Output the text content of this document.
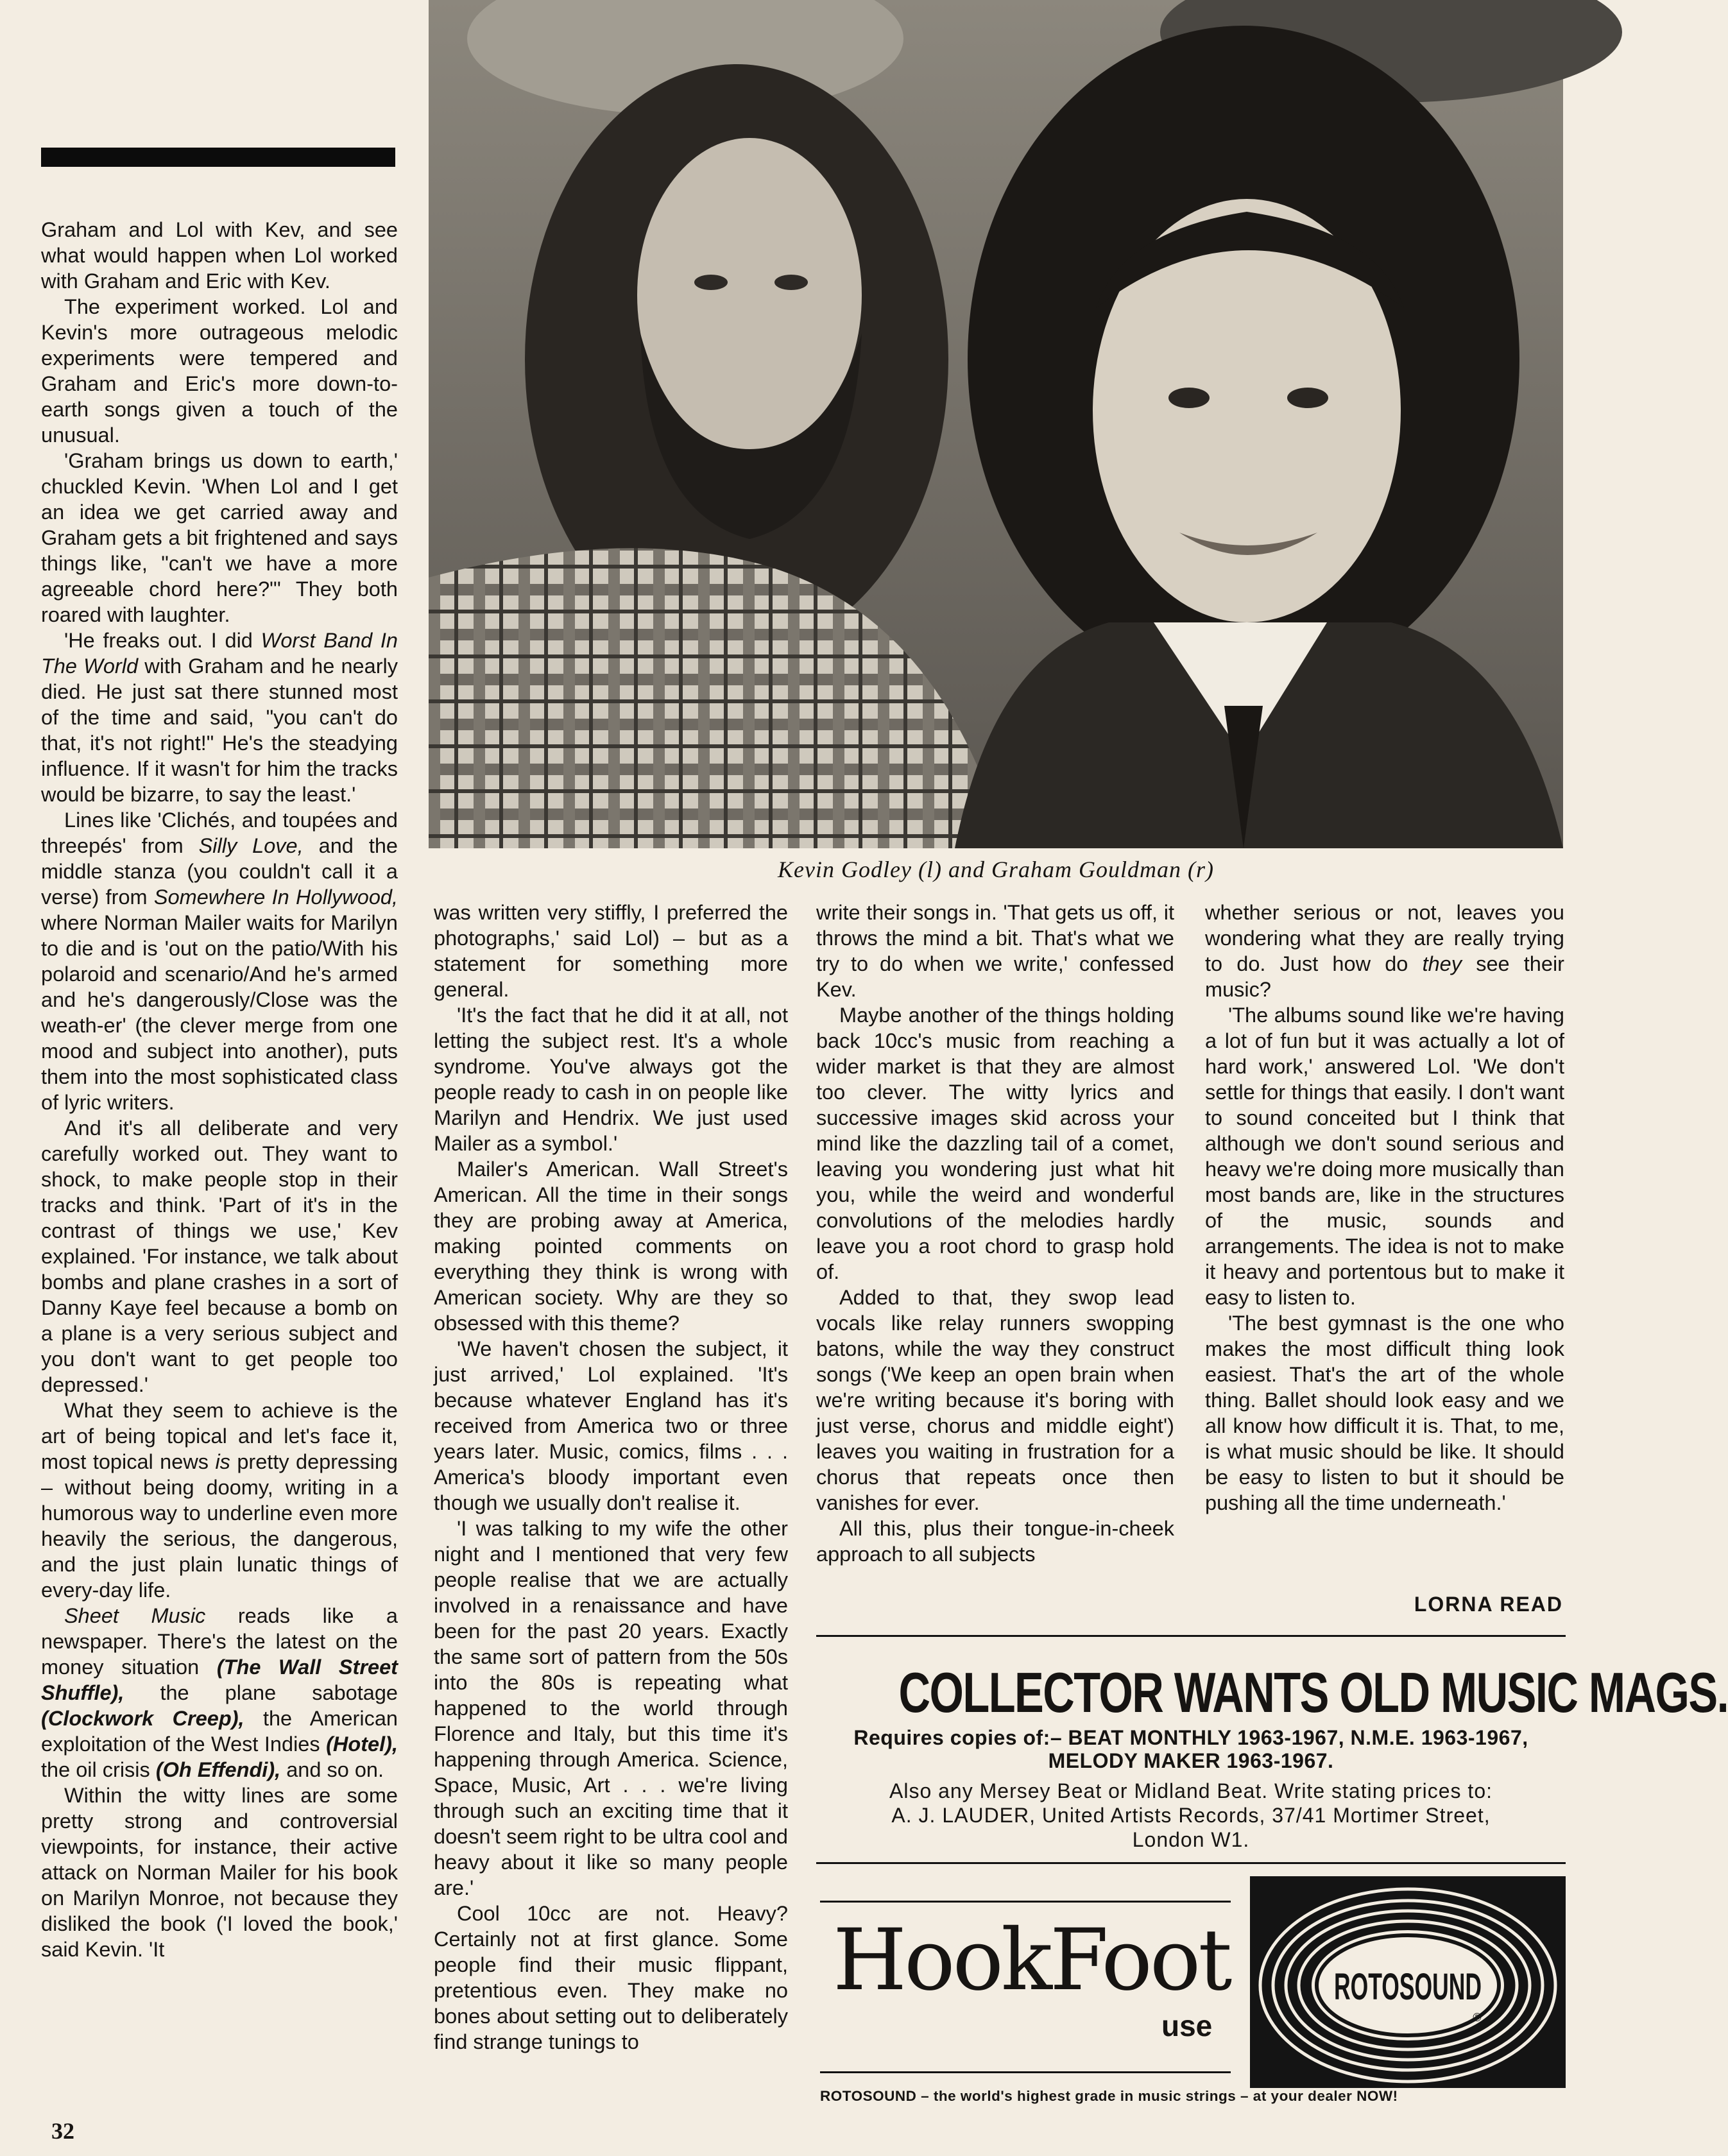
Kevin Godley (l) and Graham Gouldman (r)

Graham and Lol with Kev, and see what would happen when Lol worked with Graham and Eric with Kev.

The experiment worked. Lol and Kevin's more outrageous melodic experiments were tempered and Graham and Eric's more down-to-earth songs given a touch of the unusual.

'Graham brings us down to earth,' chuckled Kevin. 'When Lol and I get an idea we get carried away and Graham gets a bit frightened and says things like, "can't we have a more agreeable chord here?"' They both roared with laughter.

'He freaks out. I did Worst Band In The World with Graham and he nearly died. He just sat there stunned most of the time and said, "you can't do that, it's not right!" He's the steadying influence. If it wasn't for him the tracks would be bizarre, to say the least.'

Lines like 'Clichés, and toupées and threepés' from Silly Love, and the middle stanza (you couldn't call it a verse) from Somewhere In Hollywood, where Norman Mailer waits for Marilyn to die and is 'out on the patio/With his polaroid and scenario/And he's armed and he's dangerously/Close was the weath-er' (the clever merge from one mood and subject into another), puts them into the most sophisticated class of lyric writers.

And it's all deliberate and very carefully worked out. They want to shock, to make people stop in their tracks and think. 'Part of it's in the contrast of things we use,' Kev explained. 'For instance, we talk about bombs and plane crashes in a sort of Danny Kaye feel because a bomb on a plane is a very serious subject and you don't want to get people too depressed.'

What they seem to achieve is the art of being topical and let's face it, most topical news is pretty depressing – without being doomy, writing in a humorous way to underline even more heavily the serious, the dangerous, and the just plain lunatic things of every-day life.

Sheet Music reads like a newspaper. There's the latest on the money situation (The Wall Street Shuffle), the plane sabotage (Clockwork Creep), the American exploitation of the West Indies (Hotel), the oil crisis (Oh Effendi), and so on.

Within the witty lines are some pretty strong and controversial viewpoints, for instance, their active attack on Norman Mailer for his book on Marilyn Monroe, not because they disliked the book ('I loved the book,' said Kevin. 'It

was written very stiffly, I preferred the photographs,' said Lol) – but as a statement for something more general.

'It's the fact that he did it at all, not letting the subject rest. It's a whole syndrome. You've always got the people ready to cash in on people like Marilyn and Hendrix. We just used Mailer as a symbol.'

Mailer's American. Wall Street's American. All the time in their songs they are probing away at America, making pointed comments on everything they think is wrong with American society. Why are they so obsessed with this theme?

'We haven't chosen the subject, it just arrived,' Lol explained. 'It's because whatever England has it's received from America two or three years later. Music, comics, films . . . America's bloody important even though we usually don't realise it.

'I was talking to my wife the other night and I mentioned that very few people realise that we are actually involved in a renaissance and have been for the past 20 years. Exactly the same sort of pattern from the 50s into the 80s is repeating what happened to the world through Florence and Italy, but this time it's happening through America. Science, Space, Music, Art . . . we're living through such an exciting time that it doesn't seem right to be ultra cool and heavy about it like so many people are.'

Cool 10cc are not. Heavy? Certainly not at first glance. Some people find their music flippant, pretentious even. They make no bones about setting out to deliberately find strange tunings to

write their songs in. 'That gets us off, it throws the mind a bit. That's what we try to do when we write,' confessed Kev.

Maybe another of the things holding back 10cc's music from reaching a wider market is that they are almost too clever. The witty lyrics and successive images skid across your mind like the dazzling tail of a comet, leaving you wondering just what hit you, while the weird and wonderful convolutions of the melodies hardly leave you a root chord to grasp hold of.

Added to that, they swop lead vocals like relay runners swopping batons, while the way they construct songs ('We keep an open brain when we're writing because it's boring with just verse, chorus and middle eight') leaves you waiting in frustration for a chorus that repeats once then vanishes for ever.

All this, plus their tongue-in-cheek approach to all subjects

whether serious or not, leaves you wondering what they are really trying to do. Just how do they see their music?

'The albums sound like we're having a lot of fun but it was actually a lot of hard work,' answered Lol. 'We don't settle for things that easily. I don't want to sound conceited but I think that although we don't sound serious and heavy we're doing more musically than most bands are, like in the structures of the music, sounds and arrangements. The idea is not to make it heavy and portentous but to make it easy to listen to.

'The best gymnast is the one who makes the most difficult thing look easiest. That's the art of the whole thing. Ballet should look easy and we all know how difficult it is. That, to me, is what music should be like. It should be easy to listen to but it should be pushing all the time underneath.'

LORNA READ
COLLECTOR WANTS OLD MUSIC MAGS.
Requires copies of:– BEAT MONTHLY 1963-1967, N.M.E. 1963-1967,
MELODY MAKER 1963-1967.
Also any Mersey Beat or Midland Beat. Write stating prices to:
A. J. LAUDER, United Artists Records, 37/41 Mortimer Street,
London W1.
HookFoot
use
ROTOSOUND
®
ROTOSOUND – the world's highest grade in music strings – at your dealer NOW!
32
